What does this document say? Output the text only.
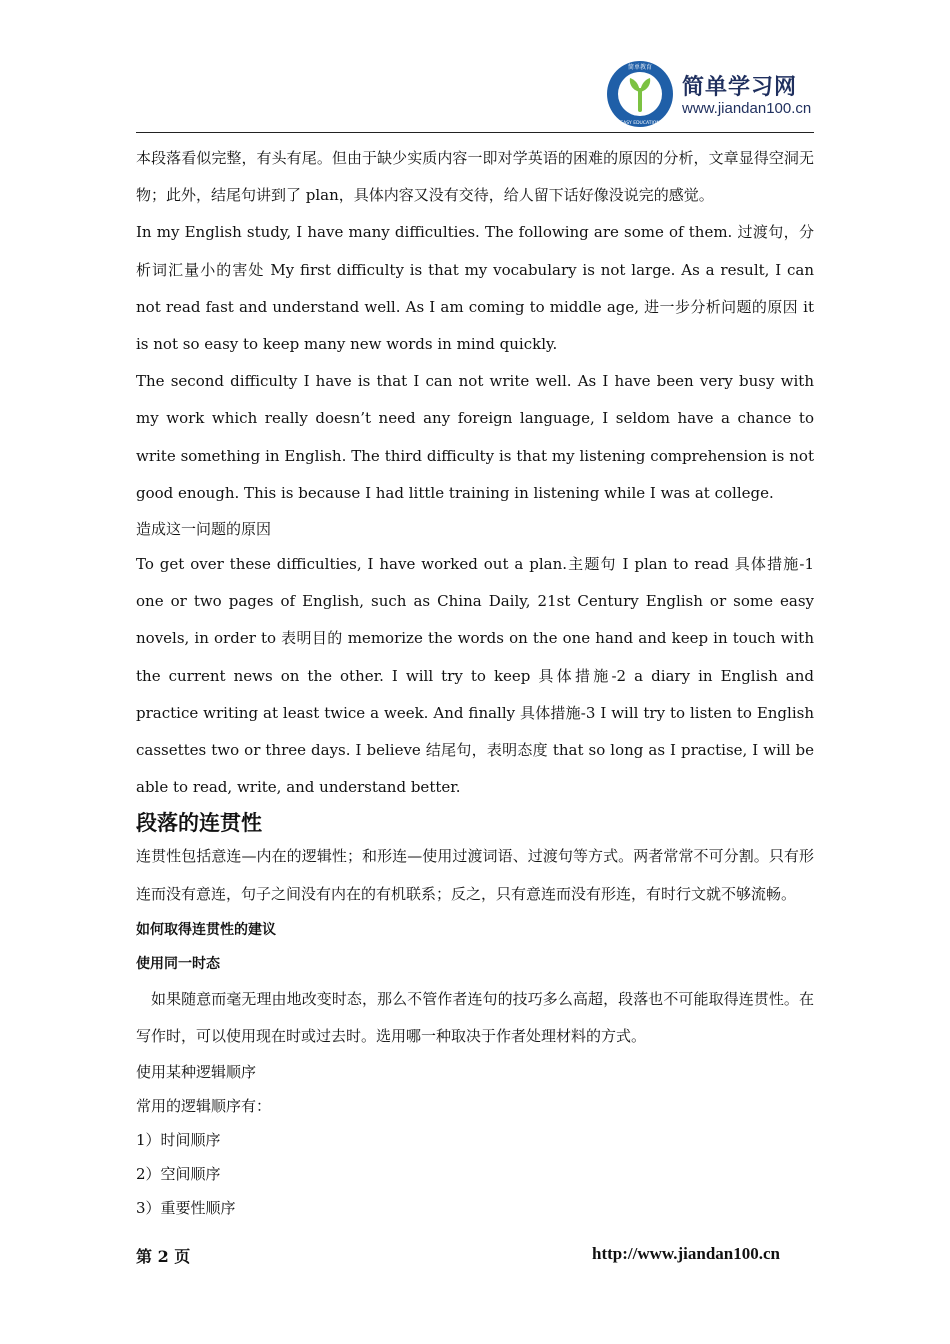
简单教育
EASY EDUCATION
简单学习网
www.jiandan100.cn

本段落看似完整，有头有尾。但由于缺少实质内容一即对学英语的困难的原因的分析，文章显得空洞无物；此外，结尾句讲到了 plan，具体内容又没有交待，给人留下话好像没说完的感觉。

In my English study, I have many difficulties. The following are some of them. 过渡句，分析词汇量小的害处 My first difficulty is that my vocabulary is not large. As a result, I can not read fast and understand well. As I am coming to middle age, 进一步分析问题的原因 it is not so easy to keep many new words in mind quickly.

The second difficulty I have is that I can not write well. As I have been very busy with my work which really doesn’t need any foreign language, I seldom have a chance to write something in English. The third difficulty is that my listening comprehension is not good enough. This is because I had little training in listening while I was at college.

造成这一问题的原因

To get over these difficulties, I have worked out a plan.主题句 I plan to read 具体措施-1 one or two pages of English, such as China Daily, 21st Century English or some easy novels, in order to 表明目的 memorize the words on the one hand and keep in touch with the current news on the other. I will try to keep 具体措施-2 a diary in English and practice writing at least twice a week. And finally 具体措施-3 I will try to listen to English cassettes two or three days. I believe 结尾句，表明态度 that so long as I practise, I will be able to read, write, and understand better.

段落的连贯性

连贯性包括意连—内在的逻辑性；和形连—使用过渡词语、过渡句等方式。两者常常不可分割。只有形连而没有意连，句子之间没有内在的有机联系；反之，只有意连而没有形连，有时行文就不够流畅。

如何取得连贯性的建议

使用同一时态

如果随意而毫无理由地改变时态，那么不管作者连句的技巧多么高超，段落也不可能取得连贯性。在写作时，可以使用现在时或过去时。选用哪一种取决于作者处理材料的方式。

使用某种逻辑顺序

常用的逻辑顺序有：

1）时间顺序

2）空间顺序

3）重要性顺序

第 2 页	http://www.jiandan100.cn
